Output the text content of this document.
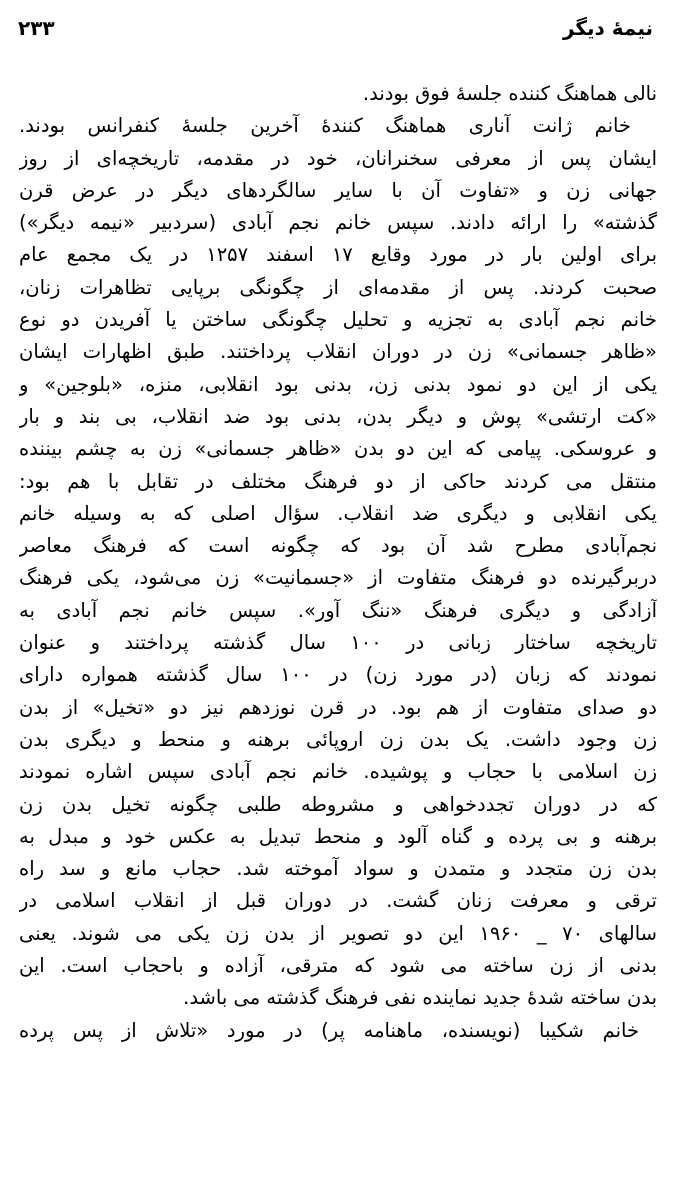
نیمهٔ دیگر
۲۳۳
نالی هماهنگ کننده جلسهٔ فوق بودند.
خانم ژانت آناری هماهنگ کنندهٔ آخرین جلسهٔ کنفرانس بودند.
ایشان پس از معرفی سخنرانان، خود در مقدمه، تاریخچه‌ای از روز
جهانی زن و «تفاوت آن با سایر سالگردهای دیگر در عرض قرن
گذشته» را ارائه دادند. سپس خانم نجم آبادی (سردبیر «نیمه دیگر»)
برای اولین بار در مورد وقایع ۱۷ اسفند ۱۲۵۷ در یک مجمع عام
صحبت کردند. پس از مقدمه‌ای از چگونگی برپایی تظاهرات زنان،
خانم نجم آبادی به تجزیه و تحلیل چگونگی ساختن یا آفریدن دو نوع
«ظاهر جسمانی» زن در دوران انقلاب پرداختند. طبق اظهارات ایشان
یکی از این دو نمود بدنی زن، بدنی بود انقلابی، منزه، «بلوجین» و
«کت ارتشی» پوش و دیگر بدن، بدنی بود ضد انقلاب، بی بند و بار
و عروسکی. پیامی که این دو بدن «ظاهر جسمانی» زن به چشم بیننده
منتقل می کردند حاکی از دو فرهنگ مختلف در تقابل با هم بود:
یکی انقلابی و دیگری ضد انقلاب. سؤال اصلی که به وسیله خانم
نجم‌آبادی مطرح شد آن بود که چگونه است که فرهنگ معاصر
دربرگیرنده دو فرهنگ متفاوت از «جسمانیت» زن می‌شود، یکی فرهنگ
آزادگی و دیگری فرهنگ «ننگ آور». سپس خانم نجم آبادی به
تاریخچه ساختار زبانی در ۱۰۰ سال گذشته پرداختند و عنوان
نمودند که زبان (در مورد زن) در ۱۰۰ سال گذشته همواره دارای
دو صدای متفاوت از هم بود. در قرن نوزدهم نیز دو «تخیل» از بدن
زن وجود داشت. یک بدن زن اروپائی برهنه و منحط و دیگری بدن
زن اسلامی با حجاب و پوشیده. خانم نجم آبادی سپس اشاره نمودند
که در دوران تجددخواهی و مشروطه طلبی چگونه تخیل بدن زن
برهنه و بی پرده و گناه آلود و منحط تبدیل به عکس خود و مبدل به
بدن زن متجدد و متمدن و سواد آموخته شد. حجاب مانع و سد راه
ترقی و معرفت زنان گشت. در دوران قبل از انقلاب اسلامی در
سالهای ۷۰ _ ۱۹۶۰ این دو تصویر از بدن زن یکی می شوند. یعنی
بدنی از زن ساخته می شود که مترقی، آزاده و باحجاب است. این
بدن ساخته شدهٔ جدید نماینده نفی فرهنگ گذشته می باشد.
خانم شکیبا (نویسنده، ماهنامه پر) در مورد «تلاش از پس پرده
